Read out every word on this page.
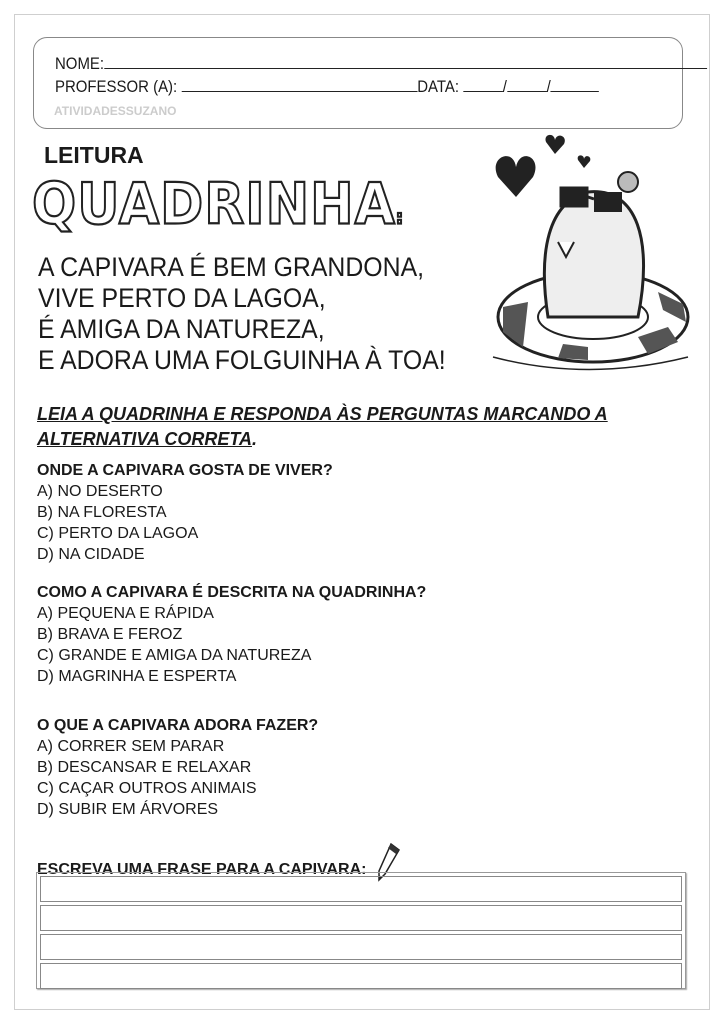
NOME:
PROFESSOR (A):	DATA:	/ /
ATIVIDADESSUZANO
LEITURA
QUADRINHA:
A CAPIVARA É BEM GRANDONA,
VIVE PERTO DA LAGOA,
É AMIGA DA NATUREZA,
E ADORA UMA FOLGUINHA À TOA!
LEIA A QUADRINHA E RESPONDA ÀS PERGUNTAS MARCANDO A ALTERNATIVA CORRETA.
ONDE A CAPIVARA GOSTA DE VIVER?
A) NO DESERTO
B) NA FLORESTA
C) PERTO DA LAGOA
D) NA CIDADE
COMO A CAPIVARA É DESCRITA NA QUADRINHA?
A) PEQUENA E RÁPIDA
B) BRAVA E FEROZ
C) GRANDE E AMIGA DA NATUREZA
D) MAGRINHA E ESPERTA
O QUE A CAPIVARA ADORA FAZER?
A) CORRER SEM PARAR
B) DESCANSAR E RELAXAR
C) CAÇAR OUTROS ANIMAIS
D) SUBIR EM ÁRVORES
ESCREVA UMA FRASE PARA A CAPIVARA:
